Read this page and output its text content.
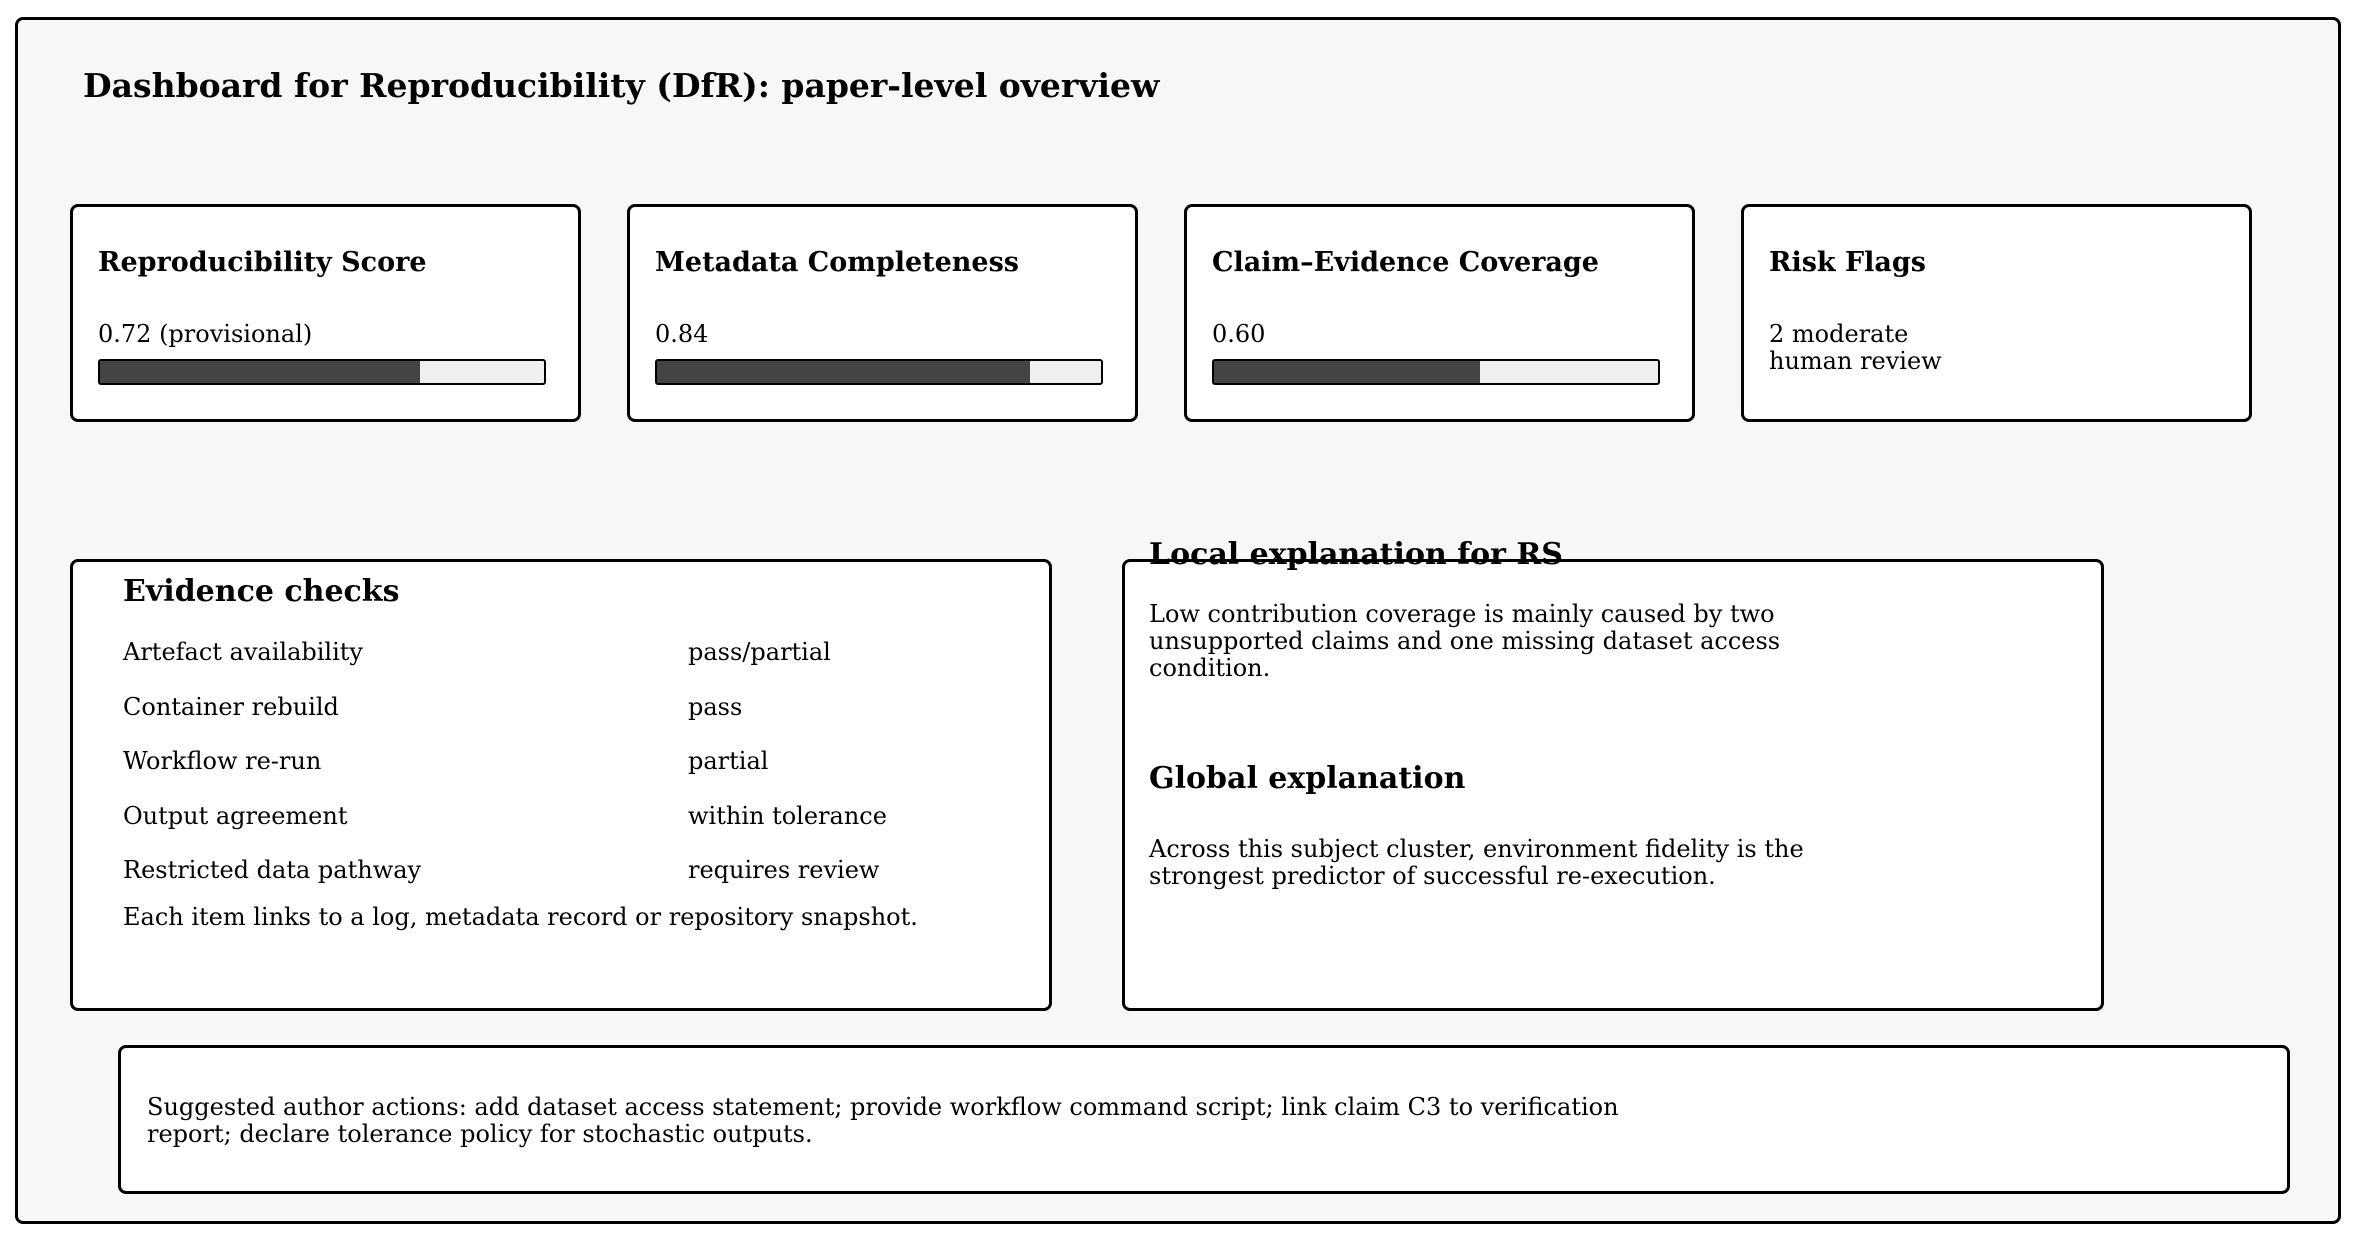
Dashboard for Reproducibility (DfR): paper-level overview
Reproducibility Score
0.72 (provisional)
Metadata Completeness
0.84
Claim–Evidence Coverage
0.60
Risk Flags
2 moderate
human review
Evidence checks
Artefact availability	pass/partial
Container rebuild	pass
Workflow re-run	partial
Output agreement	within tolerance
Restricted data pathway	requires review
Each item links to a log, metadata record or repository snapshot.
Local explanation for RS
Low contribution coverage is mainly caused by two
unsupported claims and one missing dataset access
condition.
Global explanation
Across this subject cluster, environment fidelity is the
strongest predictor of successful re-execution.
Suggested author actions: add dataset access statement; provide workflow command script; link claim C3 to verification
report; declare tolerance policy for stochastic outputs.
